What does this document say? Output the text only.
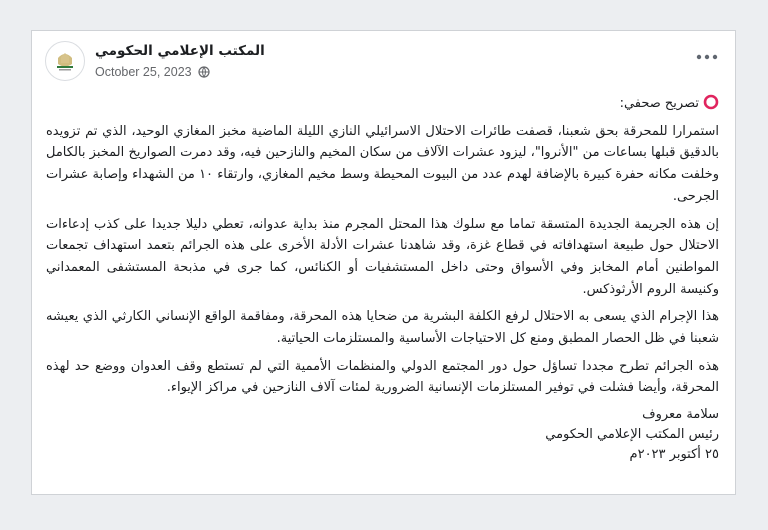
المكتب الإعلامي الحكومي
October 25, 2023
تصريح صحفي:

استمرارا للمحرقة بحق شعبنا، قصفت طائرات الاحتلال الاسرائيلي النازي الليلة الماضية مخبز المغازي الوحيد، الذي تم تزويده بالدقيق قبلها بساعات من "الأنروا"، ليزود عشرات الآلاف من سكان المخيم والنازحين فيه، وقد دمرت الصواريخ المخبز بالكامل وخلفت مكانه حفرة كبيرة بالإضافة لهدم عدد من البيوت المحيطة وسط مخيم المغازي، وارتقاء ١٠ من الشهداء وإصابة عشرات الجرحى.

إن هذه الجريمة الجديدة المتسقة تماما مع سلوك هذا المحتل المجرم منذ بداية عدوانه، تعطي دليلا جديدا على كذب إدعاءات الاحتلال حول طبيعة استهدافاته في قطاع غزة، وقد شاهدنا عشرات الأدلة الأخرى على هذه الجرائم بتعمد استهداف تجمعات المواطنين أمام المخابز وفي الأسواق وحتى داخل المستشفيات أو الكنائس، كما جرى في مذبحة المستشفى المعمداني وكنيسة الروم الأرثوذكس.

هذا الإجرام الذي يسعى به الاحتلال لرفع الكلفة البشرية من ضحايا هذه المحرقة، ومفاقمة الواقع الإنساني الكارثي الذي يعيشه شعبنا في ظل الحصار المطبق ومنع كل الاحتياجات الأساسية والمستلزمات الحياتية.

هذه الجرائم تطرح مجددا تساؤل حول دور المجتمع الدولي والمنظمات الأممية التي لم تستطع وقف العدوان ووضع حد لهذه المحرقة، وأيضا فشلت في توفير المستلزمات الإنسانية الضرورية لمئات آلاف النازحين في مراكز الإيواء.

سلامة معروف
رئيس المكتب الإعلامي الحكومي
٢٥ أكتوبر ٢٠٢٣م
